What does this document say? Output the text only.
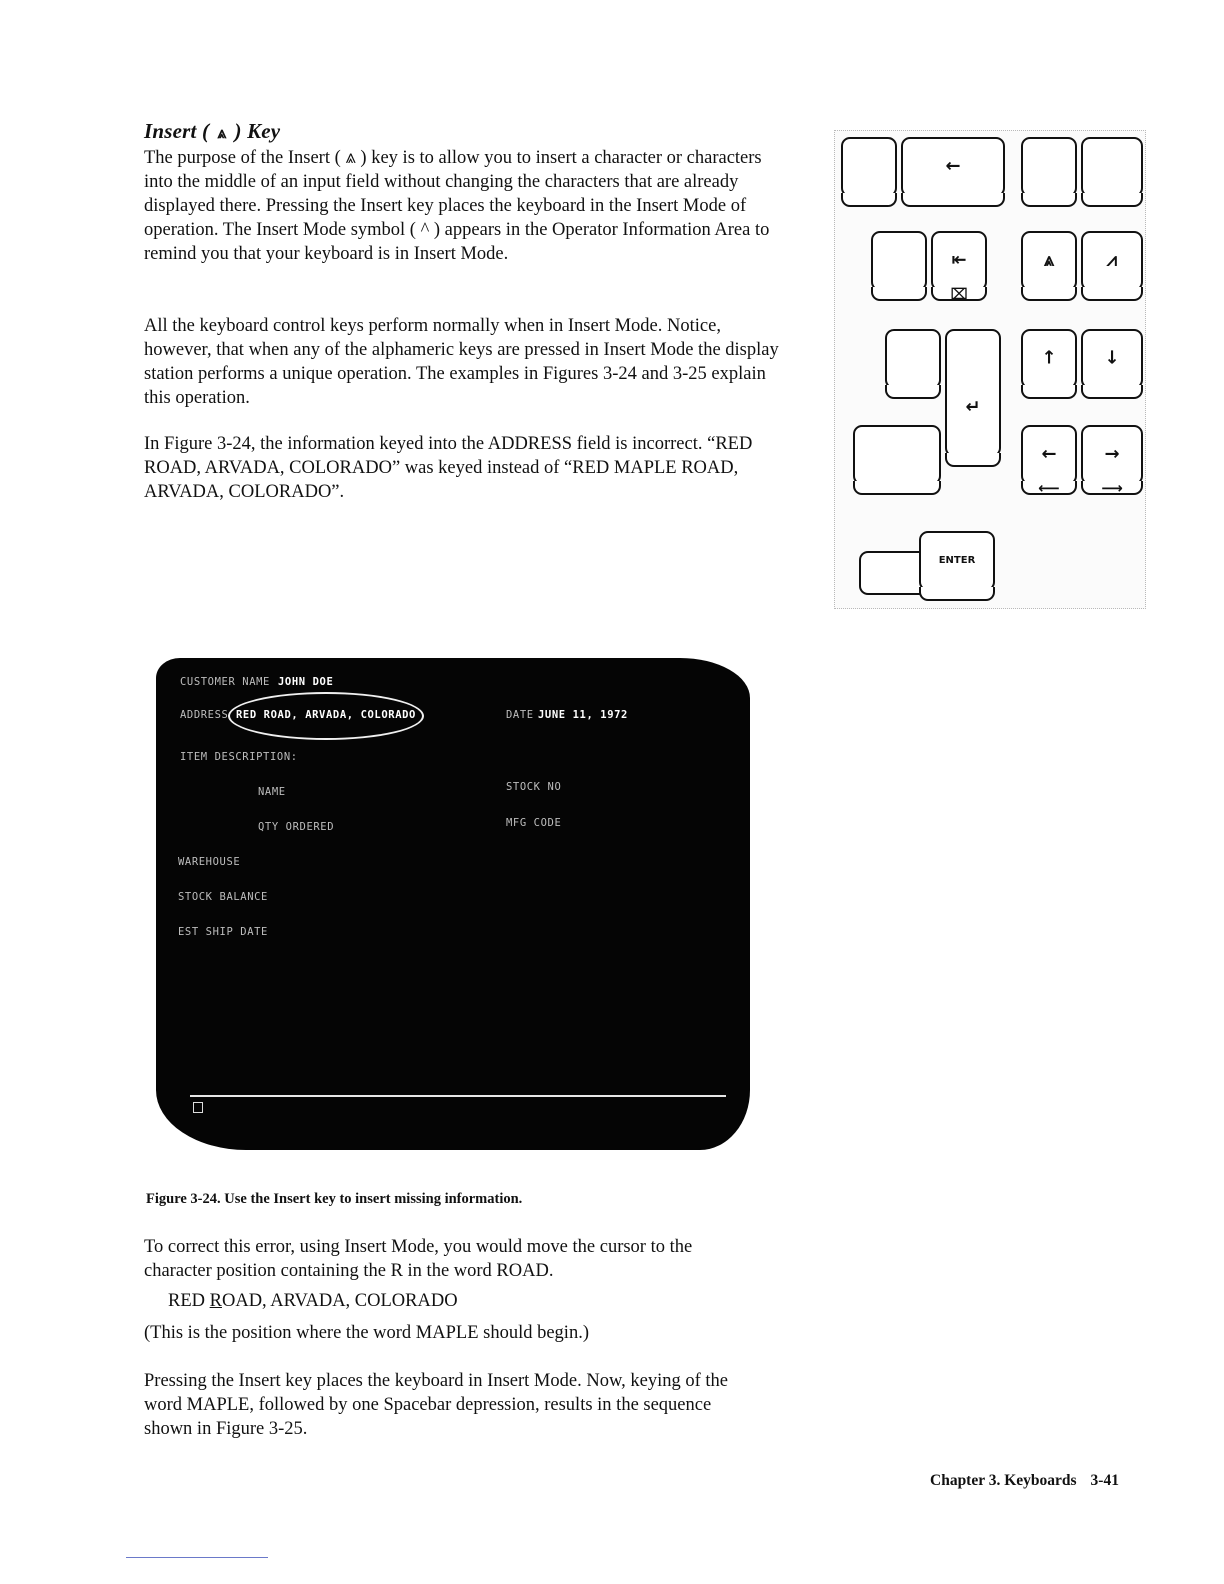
Insert ( ⩓ ) Key

The purpose of the Insert ( ⩓ ) key is to allow you to insert a character or characters into the middle of an input field without changing the characters that are already displayed there. Pressing the Insert key places the keyboard in the Insert Mode of operation. The Insert Mode symbol ( ^ ) appears in the Operator Information Area to remind you that your keyboard is in Insert Mode.

All the keyboard control keys perform normally when in Insert Mode. Notice, however, that when any of the alphameric keys are pressed in Insert Mode the display station performs a unique operation. The examples in Figures 3-24 and 3-25 explain this operation.

In Figure 3-24, the information keyed into the ADDRESS field is incorrect. “RED ROAD, ARVADA, COLORADO” was keyed instead of “RED MAPLE ROAD, ARVADA, COLORADO”.

←
⇤
⌧
⩓	⩘
↵
↑	↓
←
⟵
→
⟶
ENTER
CUSTOMER NAME JOHN DOE
ADDRESS RED ROAD, ARVADA, COLORADO	DATE JUNE 11, 1972
ITEM DESCRIPTION:
NAME	STOCK NO
QTY ORDERED	MFG CODE
WAREHOUSE
STOCK BALANCE
EST SHIP DATE

Figure 3-24. Use the Insert key to insert missing information.

To correct this error, using Insert Mode, you would move the cursor to the character position containing the R in the word ROAD.

RED ROAD, ARVADA, COLORADO

(This is the position where the word MAPLE should begin.)

Pressing the Insert key places the keyboard in Insert Mode. Now, keying of the word MAPLE, followed by one Spacebar depression, results in the sequence shown in Figure 3-25.

Chapter 3. Keyboards 3-41
